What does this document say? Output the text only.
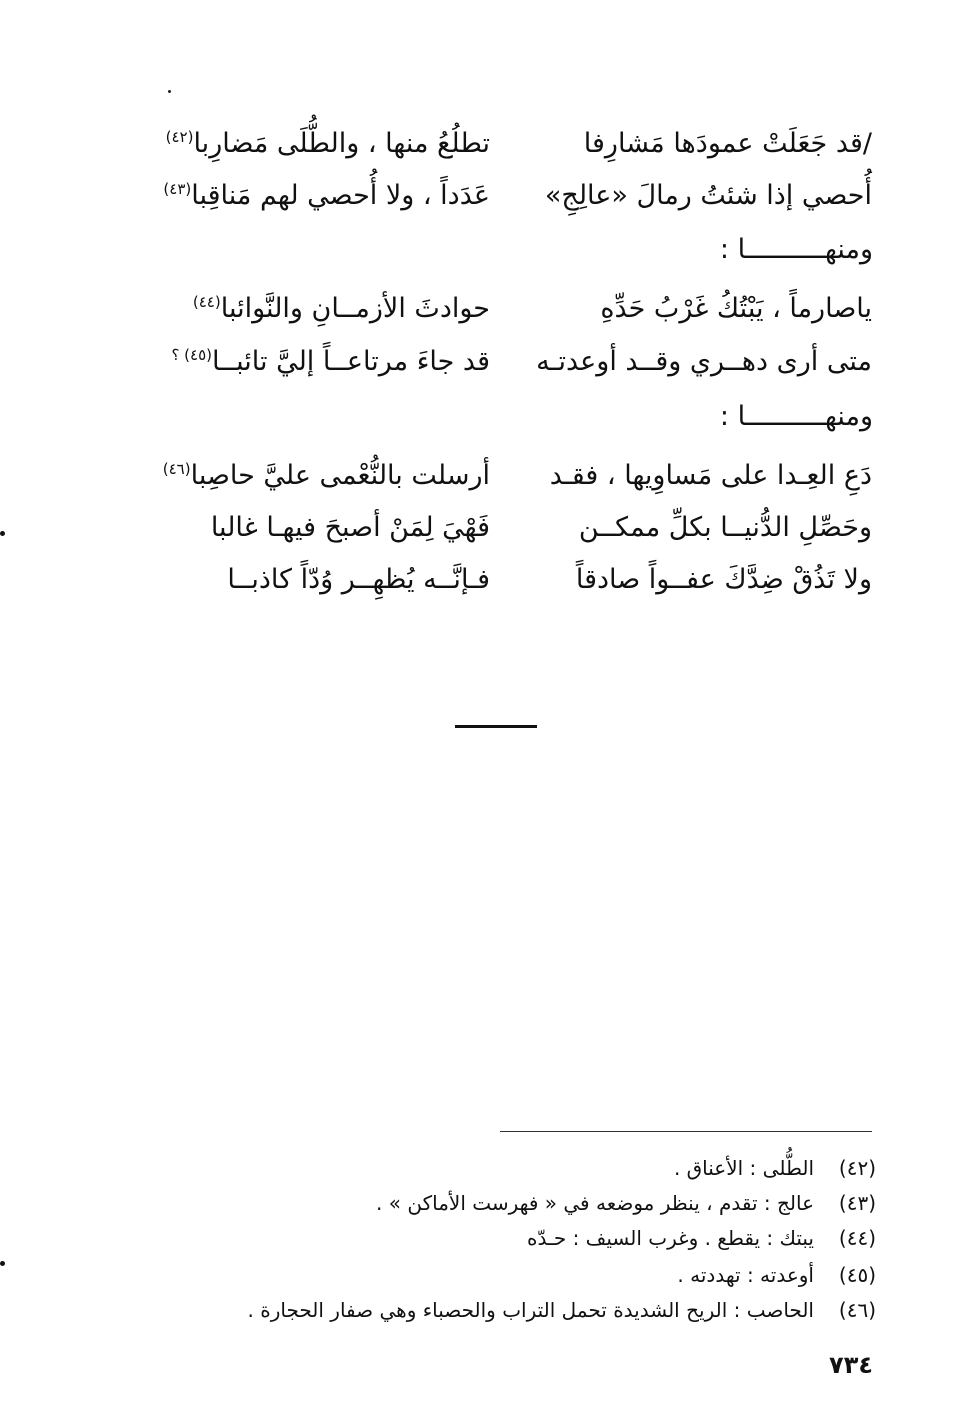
/قد جَعَلَتْ عمودَها مَشارِفا
تطلُعُ منها ، والطُّلَى مَضارِبا$^{(٤٢)}$
أُحصي إذا شئتُ رمالَ «عالِجِ»
عَدَداً ، ولا أُحصي لهم مَناقِبا$^{(٤٣)}$
ومنهــــــــــا :
ياصارماً ، يَبْتُكُ غَرْبُ حَدِّهِ
حوادثَ الأزمــانِ والنَّوائبا$^{(٤٤)}$
متى أرى دهــري وقــد أوعدتـه
قد جاءَ مرتاعــاً إليَّ تائبــا$^{(٤٥) ؟}$
ومنهــــــــــا :
دَعِ العِـدا على مَساوِيها ، فقـد
أرسلت بالنُّعْمى عليَّ حاصِبا$^{(٤٦)}$
وحَصِّلِ الدُّنيــا بكلِّ ممكــن
فَهْيَ لِمَنْ أصبحَ فيهـا غالبا
ولا تَذُقْ ضِدَّكَ عفــواً صادقاً
فـإنَّــه يُظهِــر وُدّاً كاذبــا
(٤٢)
الطُّلى : الأعناق .
(٤٣)
عالج : تقدم ، ينظر موضعه في « فهرست الأماكن » .
(٤٤)
يبتك : يقطع . وغرب السيف : حـدّه
(٤٥)
أوعدته : تهددته .
(٤٦)
الحاصب : الريح الشديدة تحمل التراب والحصباء وهي صفار الحجارة .
٧٣٤
